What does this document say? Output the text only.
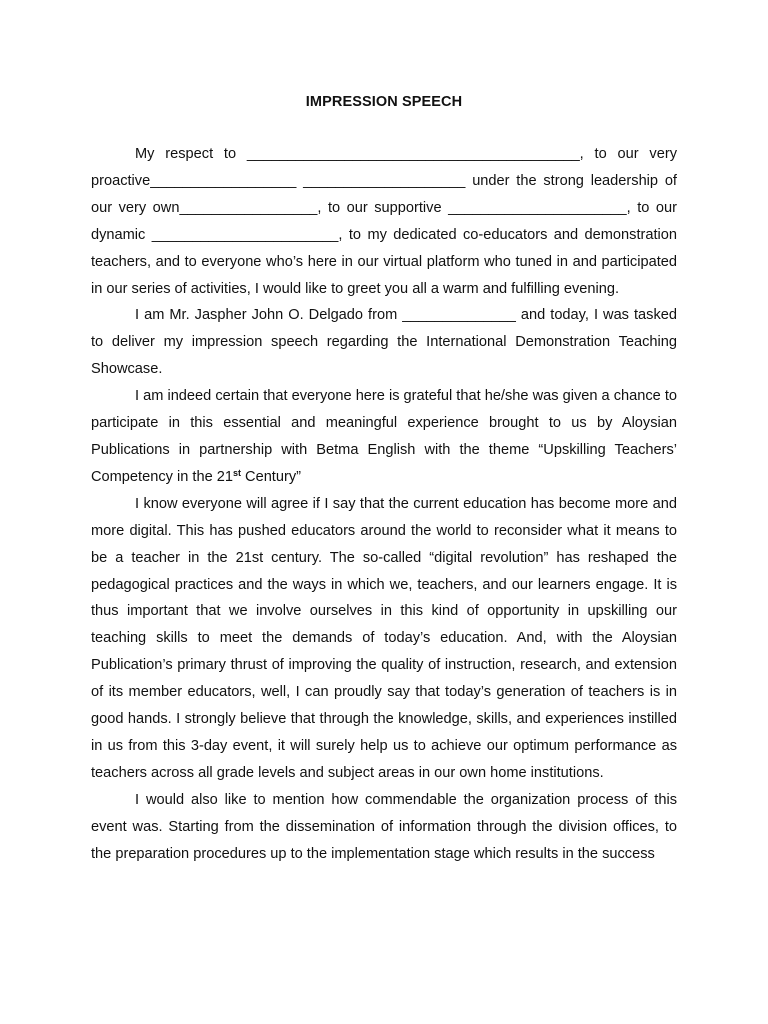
IMPRESSION SPEECH

My respect to _________________________________________, to our very proactive__________________ ____________________ under the strong leadership of our very own_________________, to our supportive ______________________, to our dynamic _______________________, to my dedicated co-educators and demonstration teachers, and to everyone who’s here in our virtual platform who tuned in and participated in our series of activities, I would like to greet you all a warm and fulfilling evening.

I am Mr. Jaspher John O. Delgado from ______________ and today, I was tasked to deliver my impression speech regarding the International Demonstration Teaching Showcase.

I am indeed certain that everyone here is grateful that he/she was given a chance to participate in this essential and meaningful experience brought to us by Aloysian Publications in partnership with Betma English with the theme “Upskilling Teachers’ Competency in the 21st Century”

I know everyone will agree if I say that the current education has become more and more digital. This has pushed educators around the world to reconsider what it means to be a teacher in the 21st century. The so-called “digital revolution” has reshaped the pedagogical practices and the ways in which we, teachers, and our learners engage. It is thus important that we involve ourselves in this kind of opportunity in upskilling our teaching skills to meet the demands of today’s education. And, with the Aloysian Publication’s primary thrust of improving the quality of instruction, research, and extension of its member educators, well, I can proudly say that today’s generation of teachers is in good hands. I strongly believe that through the knowledge, skills, and experiences instilled in us from this 3-day event, it will surely help us to achieve our optimum performance as teachers across all grade levels and subject areas in our own home institutions.

I would also like to mention how commendable the organization process of this event was. Starting from the dissemination of information through the division offices, to the preparation procedures up to the implementation stage which results in the success
